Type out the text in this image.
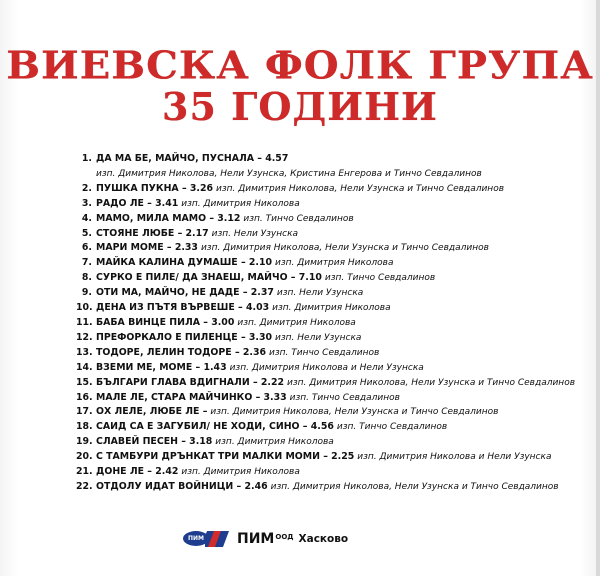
ВИЕВСКА ФОЛК ГРУПА
35 ГОДИНИ
1. ДА МА БЕ, МАЙЧО, ПУСНАЛА – 4.57
изп. Димитрия Николова, Нели Узунска, Кристина Енгерова и Тинчо Севдалинов
2. ПУШКА ПУКНА – 3.26 изп. Димитрия Николова, Нели Узунска и Тинчо Севдалинов
3. РАДО ЛЕ – 3.41 изп. Димитрия Николова
4. МАМО, МИЛА МАМО – 3.12 изп. Тинчо Севдалинов
5. СТОЯНЕ ЛЮБЕ – 2.17 изп. Нели Узунска
6. МАРИ МОМЕ – 2.33 изп. Димитрия Николова, Нели Узунска и Тинчо Севдалинов
7. МАЙКА КАЛИНА ДУМАШЕ – 2.10 изп. Димитрия Николова
8. СУРКО Е ПИЛЕ/ ДА ЗНАЕШ, МАЙЧО – 7.10 изп. Тинчо Севдалинов
9. ОТИ МА, МАЙЧО, НЕ ДАДЕ – 2.37 изп. Нели Узунска
10. ДЕНА ИЗ ПЪТЯ ВЪРВЕШЕ – 4.03 изп. Димитрия Николова
11. БАБА ВИНЦЕ ПИЛА – 3.00 изп. Димитрия Николова
12. ПРЕФОРКАЛО Е ПИЛЕНЦЕ – 3.30 изп. Нели Узунска
13. ТОДОРЕ, ЛЕЛИН ТОДОРЕ – 2.36 изп. Тинчо Севдалинов
14. ВЗЕМИ МЕ, МОМЕ – 1.43 изп. Димитрия Николова и Нели Узунска
15. БЪЛГАРИ ГЛАВА ВДИГНАЛИ – 2.22 изп. Димитрия Николова, Нели Узунска и Тинчо Севдалинов
16. МАЛЕ ЛЕ, СТАРА МАЙЧИНКО – 3.33 изп. Тинчо Севдалинов
17. ОХ ЛЕЛЕ, ЛЮБЕ ЛЕ – изп. Димитрия Николова, Нели Узунска и Тинчо Севдалинов
18. САИД СА Е ЗАГУБИЛ/ НЕ ХОДИ, СИНО – 4.56 изп. Тинчо Севдалинов
19. СЛАВЕЙ ПЕСЕН – 3.18 изп. Димитрия Николова
20. С ТАМБУРИ ДРЪНКАТ ТРИ МАЛКИ МОМИ – 2.25 изп. Димитрия Николова и Нели Узунска
21. ДОНЕ ЛЕ – 2.42 изп. Димитрия Николова
22. ОТДОЛУ ИДАТ ВОЙНИЦИ – 2.46 изп. Димитрия Николова, Нели Узунска и Тинчо Севдалинов
ПИМ	ПИМ ООД Хасково
